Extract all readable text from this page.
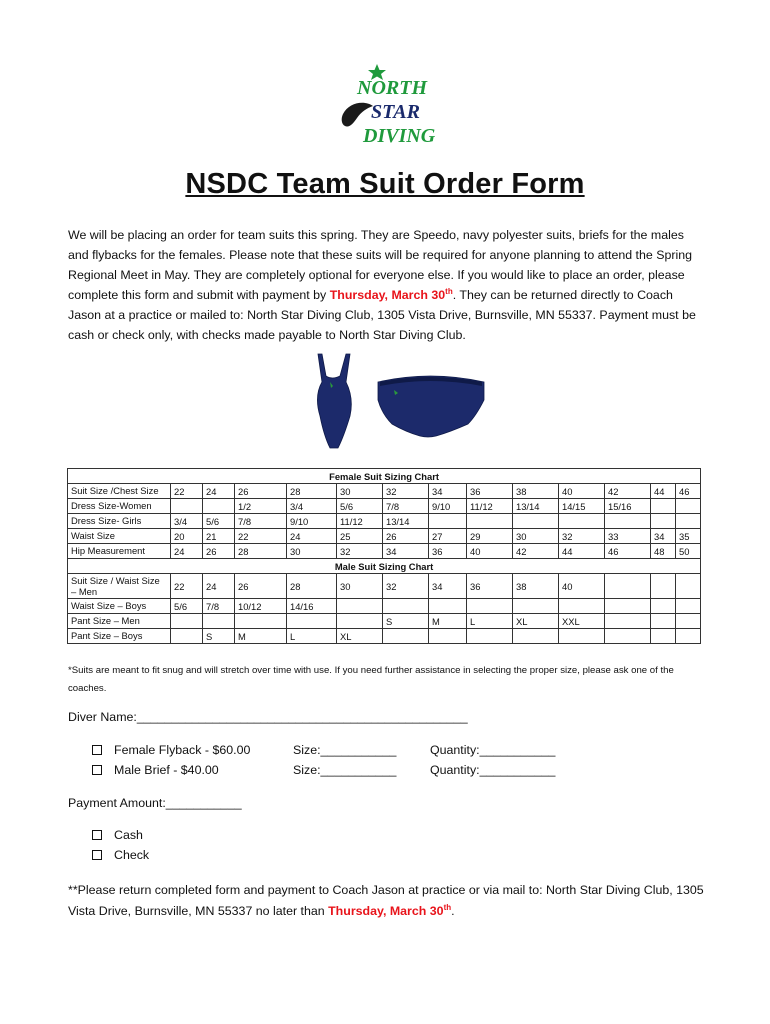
NORTH
STAR
DIVING
NSDC Team Suit Order Form
We will be placing an order for team suits this spring. They are Speedo, navy polyester suits, briefs for the males and flybacks for the females. Please note that these suits will be required for anyone planning to attend the Spring Regional Meet in May. They are completely optional for everyone else. If you would like to place an order, please complete this form and submit with payment by Thursday, March 30th. They can be returned directly to Coach Jason at a practice or mailed to: North Star Diving Club, 1305 Vista Drive, Burnsville, MN 55337. Payment must be cash or check only, with checks made payable to North Star Diving Club.
Female Suit Sizing Chart													
Suit Size /Chest Size	22	24	26	28	30	32	34	36	38	40	42	44	46
Dress Size-Women			1/2	3/4	5/6	7/8	9/10	11/12	13/14	14/15	15/16		
Dress Size- Girls	3/4	5/6	7/8	9/10	11/12	13/14							
Waist Size	20	21	22	24	25	26	27	29	30	32	33	34	35
Hip Measurement	24	26	28	30	32	34	36	40	42	44	46	48	50
Male Suit Sizing Chart													
Suit Size / Waist Size – Men	22	24	26	28	30	32	34	36	38	40			
Waist Size – Boys	5/6	7/8	10/12	14/16									
Pant Size – Men						S	M	L	XL	XXL			
Pant Size – Boys		S	M	L	XL								
*Suits are meant to fit snug and will stretch over time with use. If you need further assistance in selecting the proper size, please ask one of the coaches.
Diver Name:________________________________________________
Female Flyback - $60.00	Size:___________	Quantity:___________
Male Brief - $40.00	Size:___________	Quantity:___________
Payment Amount:___________
Cash
Check
**Please return completed form and payment to Coach Jason at practice or via mail to: North Star Diving Club, 1305 Vista Drive, Burnsville, MN 55337 no later than Thursday, March 30th.
